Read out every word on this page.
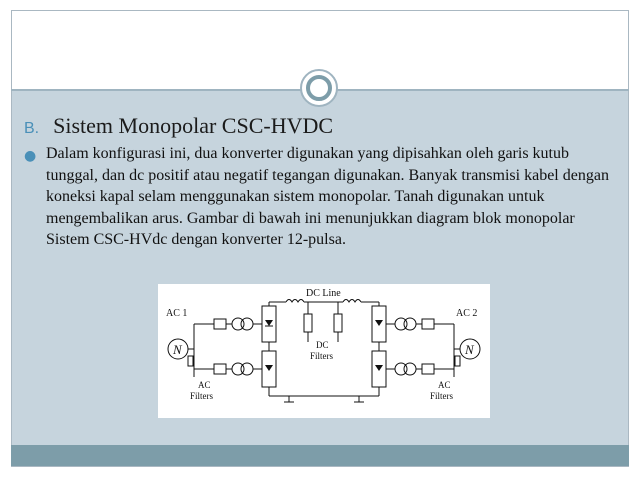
B. Sistem Monopolar CSC-HVDC
● Dalam konfigurasi ini, dua konverter digunakan yang dipisahkan oleh garis kutub tunggal, dan dc positif atau negatif tegangan digunakan. Banyak transmisi kabel dengan koneksi kapal selam menggunakan sistem monopolar. Tanah digunakan untuk mengembalikan arus. Gambar di bawah ini menunjukkan diagram blok monopolar Sistem CSC-HVdc dengan konverter 12-pulsa.
N	N
DC Line
AC 1	AC 2
DC
Filters
AC
Filters
AC
Filters
